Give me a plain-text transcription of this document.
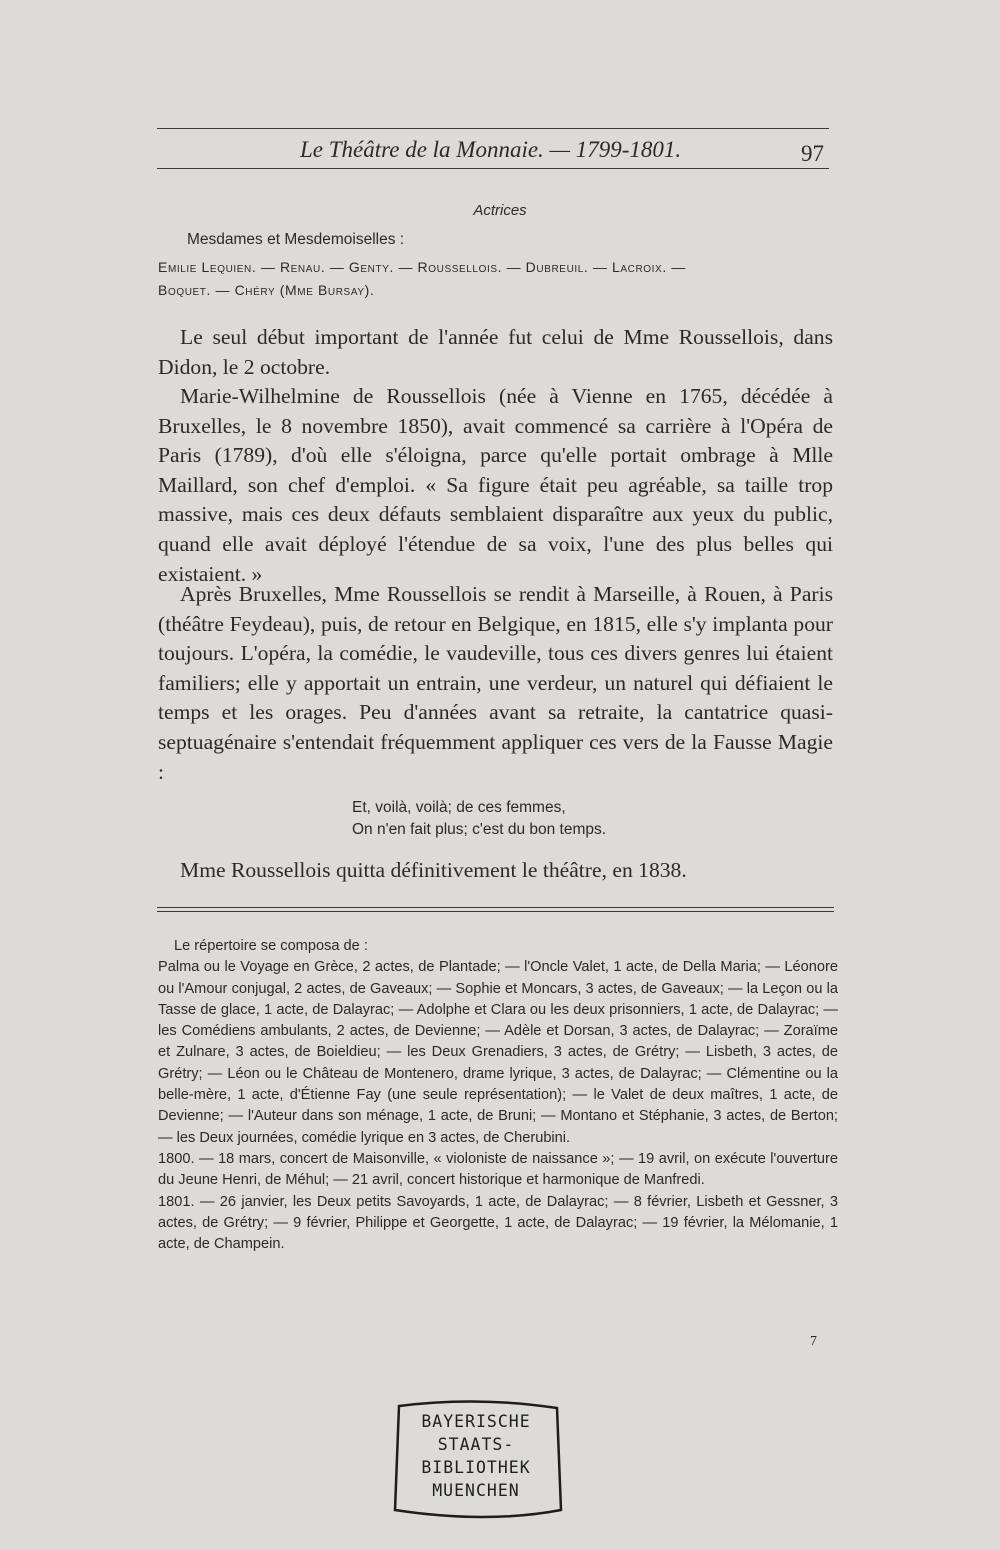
Le Théâtre de la Monnaie. — 1799-1801.	97
Actrices
Mesdames et Mesdemoiselles :
Emilie Lequien. — Renau. — Genty. — Roussellois. — Dubreuil. — Lacroix. —
Boquet. — Chéry (Mme Bursay).

Le seul début important de l'année fut celui de Mme Roussellois, dans Didon, le 2 octobre.

Marie-Wilhelmine de Roussellois (née à Vienne en 1765, décédée à Bruxelles, le 8 novembre 1850), avait commencé sa carrière à l'Opéra de Paris (1789), d'où elle s'éloigna, parce qu'elle portait ombrage à Mlle Maillard, son chef d'emploi. « Sa figure était peu agréable, sa taille trop massive, mais ces deux défauts semblaient disparaître aux yeux du public, quand elle avait déployé l'étendue de sa voix, l'une des plus belles qui existaient. »

Après Bruxelles, Mme Roussellois se rendit à Marseille, à Rouen, à Paris (théâtre Feydeau), puis, de retour en Belgique, en 1815, elle s'y implanta pour toujours. L'opéra, la comédie, le vaudeville, tous ces divers genres lui étaient familiers; elle y apportait un entrain, une verdeur, un naturel qui défiaient le temps et les orages. Peu d'années avant sa retraite, la cantatrice quasi-septuagénaire s'entendait fréquemment appliquer ces vers de la Fausse Magie :

Et, voilà, voilà; de ces femmes,
On n'en fait plus; c'est du bon temps.

Mme Roussellois quitta définitivement le théâtre, en 1838.

Le répertoire se composa de :

Palma ou le Voyage en Grèce, 2 actes, de Plantade; — l'Oncle Valet, 1 acte, de Della Maria; — Léonore ou l'Amour conjugal, 2 actes, de Gaveaux; — Sophie et Moncars, 3 actes, de Gaveaux; — la Leçon ou la Tasse de glace, 1 acte, de Dalayrac; — Adolphe et Clara ou les deux prisonniers, 1 acte, de Dalayrac; — les Comédiens ambulants, 2 actes, de Devienne; — Adèle et Dorsan, 3 actes, de Dalayrac; — Zoraïme et Zulnare, 3 actes, de Boieldieu; — les Deux Grenadiers, 3 actes, de Grétry; — Lisbeth, 3 actes, de Grétry; — Léon ou le Château de Montenero, drame lyrique, 3 actes, de Dalayrac; — Clémentine ou la belle-mère, 1 acte, d'Étienne Fay (une seule représentation); — le Valet de deux maîtres, 1 acte, de Devienne; — l'Auteur dans son ménage, 1 acte, de Bruni; — Montano et Stéphanie, 3 actes, de Berton; — les Deux journées, comédie lyrique en 3 actes, de Cherubini.

1800. — 18 mars, concert de Maisonville, « violoniste de naissance »; — 19 avril, on exécute l'ouverture du Jeune Henri, de Méhul; — 21 avril, concert historique et harmonique de Manfredi.

1801. — 26 janvier, les Deux petits Savoyards, 1 acte, de Dalayrac; — 8 février, Lisbeth et Gessner, 3 actes, de Grétry; — 9 février, Philippe et Georgette, 1 acte, de Dalayrac; — 19 février, la Mélomanie, 1 acte, de Champein.

7
BAYERISCHE
STAATS-
BIBLIOTHEK
MUENCHEN
